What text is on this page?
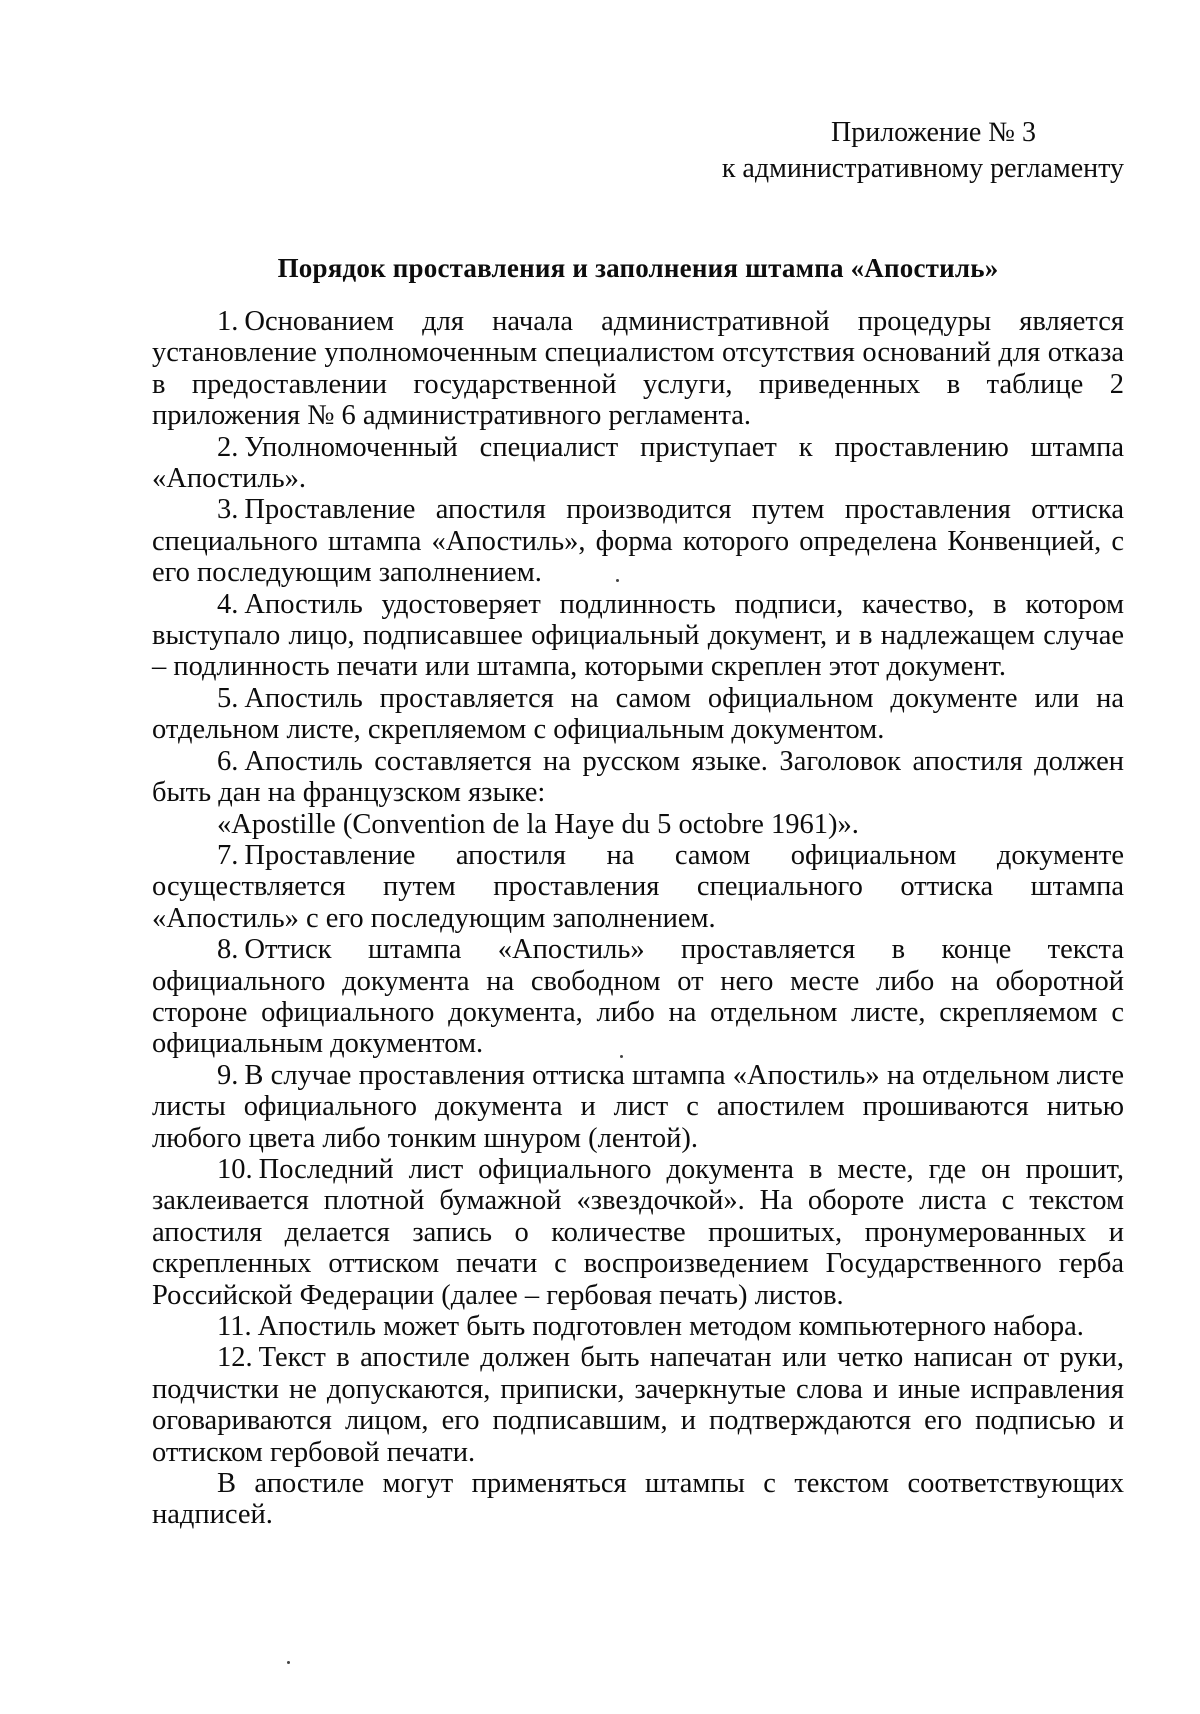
Приложение № 3
к административному регламенту
Порядок проставления и заполнения штампа «Апостиль»

1. Основанием для начала административной процедуры является установление уполномоченным специалистом отсутствия оснований для отказа в предоставлении государственной услуги, приведенных в таблице 2 приложения № 6 административного регламента.

2. Уполномоченный специалист приступает к проставлению штампа «Апостиль».

3. Проставление апостиля производится путем проставления оттиска специального штампа «Апостиль», форма которого определена Конвенцией, с его последующим заполнением.

4. Апостиль удостоверяет подлинность подписи, качество, в котором выступало лицо, подписавшее официальный документ, и в надлежащем случае – подлинность печати или штампа, которыми скреплен этот документ.

5. Апостиль проставляется на самом официальном документе или на отдельном листе, скрепляемом с официальным документом.

6. Апостиль составляется на русском языке. Заголовок апостиля должен быть дан на французском языке:

«Apostille (Convention de la Haye du 5 octobre 1961)».

7. Проставление апостиля на самом официальном документе осуществляется путем проставления специального оттиска штампа «Апостиль» с его последующим заполнением.

8. Оттиск штампа «Апостиль» проставляется в конце текста официального документа на свободном от него месте либо на оборотной стороне официального документа, либо на отдельном листе, скрепляемом с официальным документом.

9. В случае проставления оттиска штампа «Апостиль» на отдельном листе листы официального документа и лист с апостилем прошиваются нитью любого цвета либо тонким шнуром (лентой).

10. Последний лист официального документа в месте, где он прошит, заклеивается плотной бумажной «звездочкой». На обороте листа с текстом апостиля делается запись о количестве прошитых, пронумерованных и скрепленных оттиском печати с воспроизведением Государственного герба Российской Федерации (далее – гербовая печать) листов.

11. Апостиль может быть подготовлен методом компьютерного набора.

12. Текст в апостиле должен быть напечатан или четко написан от руки, подчистки не допускаются, приписки, зачеркнутые слова и иные исправления оговариваются лицом, его подписавшим, и подтверждаются его подписью и оттиском гербовой печати.

В апостиле могут применяться штампы с текстом соответствующих надписей.
